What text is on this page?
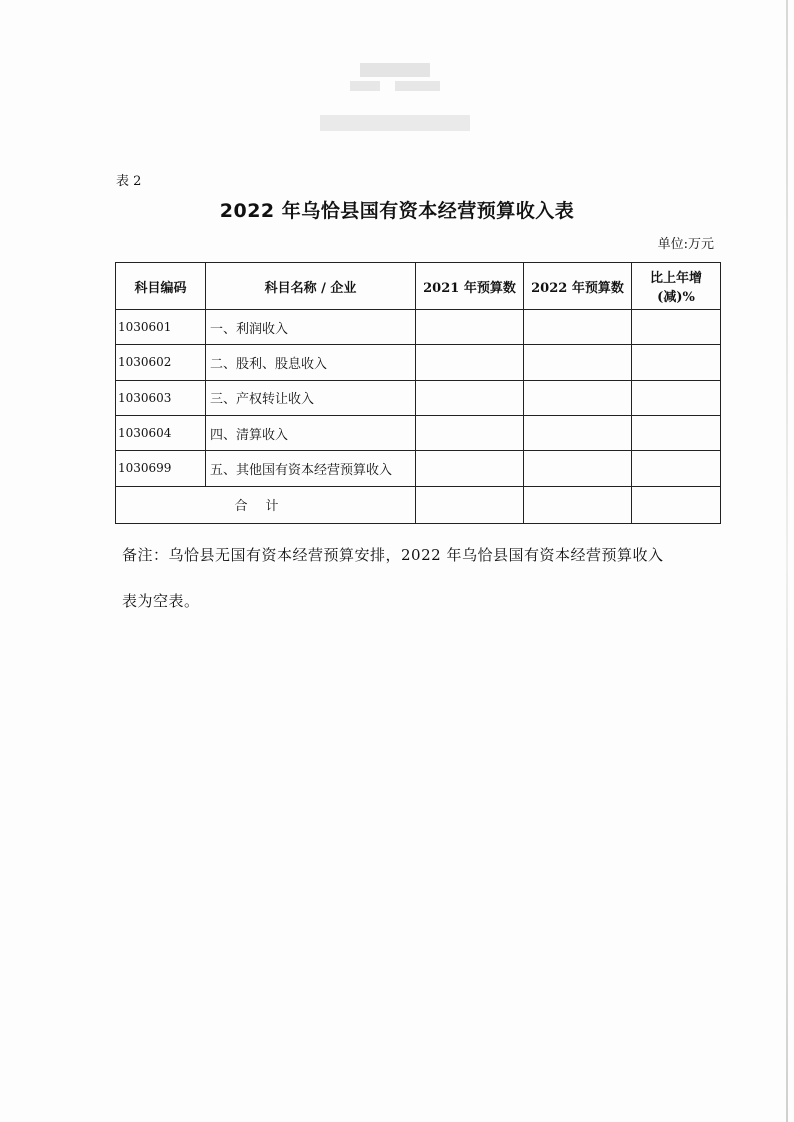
表 2
2022 年乌恰县国有资本经营预算收入表
单位:万元
科目编码	科目名称 / 企业	2021 年预算数	2022 年预算数	比上年增(减)%
1030601	一、利润收入			
1030602	二、股利、股息收入			
1030603	三、产权转让收入			
1030604	四、清算收入			
1030699	五、其他国有资本经营预算收入			
合计				
备注：乌恰县无国有资本经营预算安排，2022 年乌恰县国有资本经营预算收入
表为空表。
